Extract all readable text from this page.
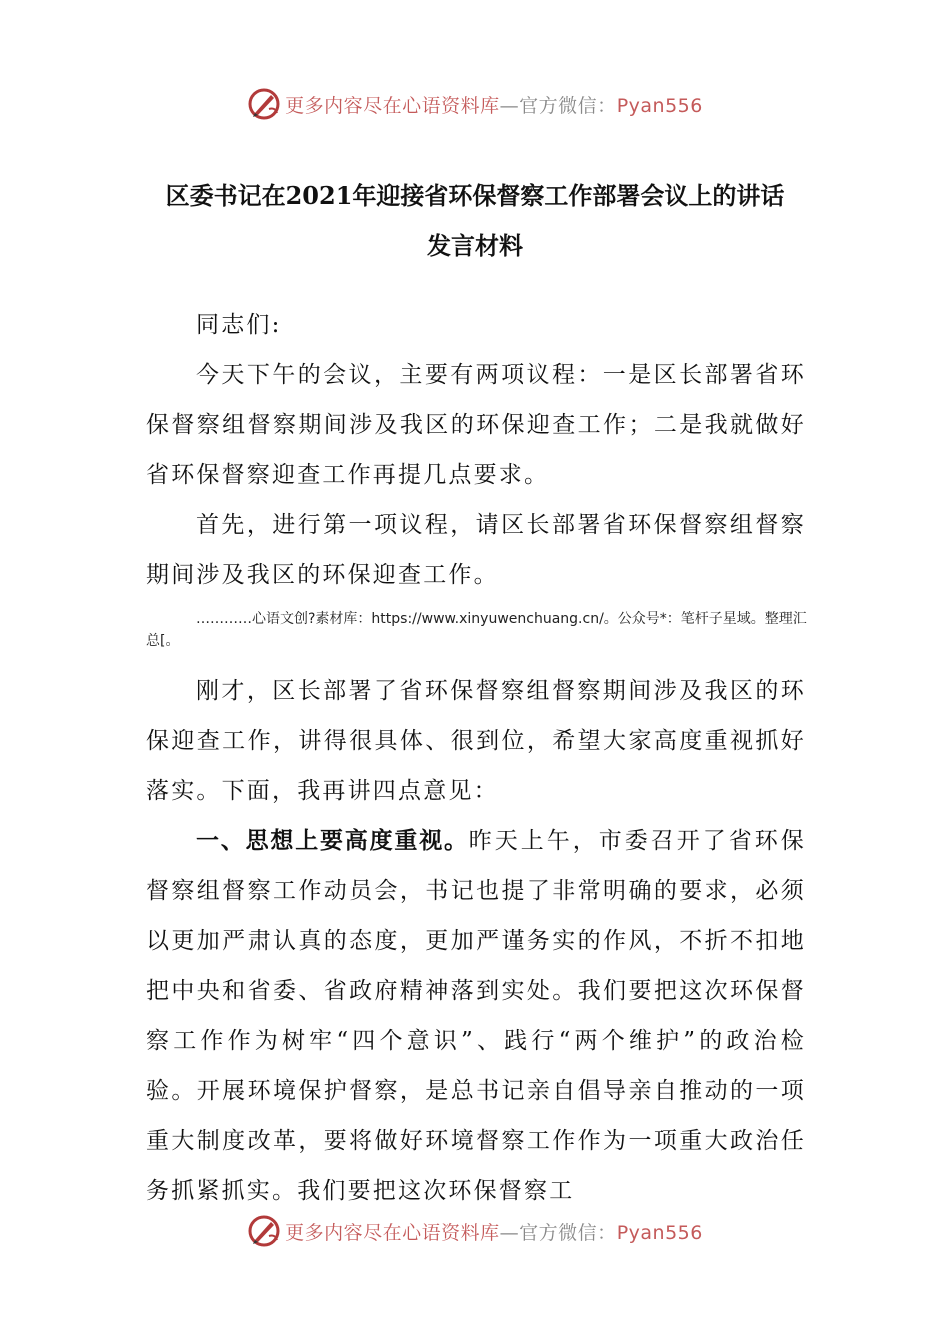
更多内容尽在心语资料库—官方微信：Pyan556
区委书记在2021年迎接省环保督察工作部署会议上的讲话
发言材料

同志们:

今天下午的会议，主要有两项议程：一是区长部署省环保督察组督察期间涉及我区的环保迎查工作；二是我就做好省环保督察迎查工作再提几点要求。

首先，进行第一项议程，请区长部署省环保督察组督察期间涉及我区的环保迎查工作。

…………心语文创?素材库：https://www.xinyuwenchuang.cn/。公众号*：笔杆子星域。整理汇总[。

刚才，区长部署了省环保督察组督察期间涉及我区的环保迎查工作，讲得很具体、很到位，希望大家高度重视抓好落实。下面，我再讲四点意见：

一、思想上要高度重视。昨天上午，市委召开了省环保督察组督察工作动员会，书记也提了非常明确的要求，必须以更加严肃认真的态度，更加严谨务实的作风，不折不扣地把中央和省委、省政府精神落到实处。我们要把这次环保督察工作作为树牢“四个意识”、践行“两个维护”的政治检验。开展环境保护督察，是总书记亲自倡导亲自推动的一项重大制度改革，要将做好环境督察工作作为一项重大政治任务抓紧抓实。我们要把这次环保督察工

更多内容尽在心语资料库—官方微信：Pyan556
